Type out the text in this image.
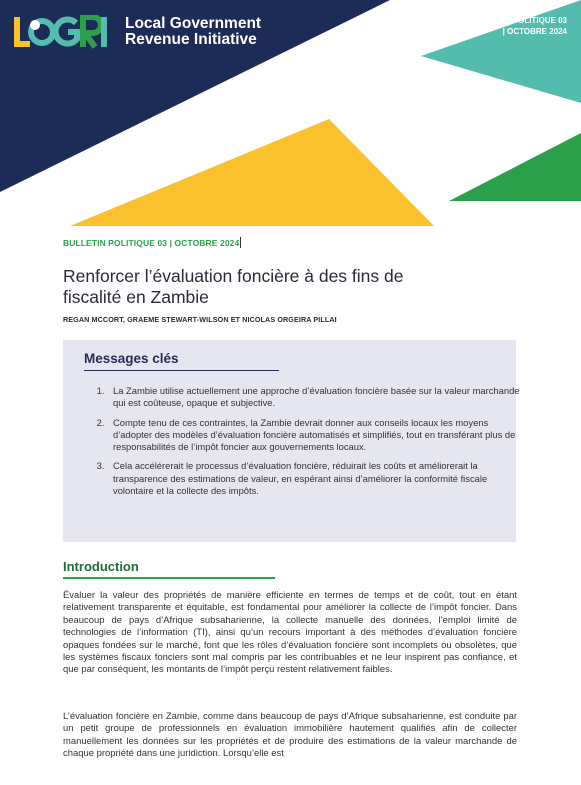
Local Government
Revenue Initiative
BULLETIN POLITIQUE 03
| OCTOBRE 2024
BULLETIN POLITIQUE 03 | OCTOBRE 2024
Renforcer l’évaluation foncière à des fins de fiscalité en Zambie
REGAN MCCORT, GRAEME STEWART-WILSON ET NICOLAS ORGEIRA PILLAI
Messages clés
1. La Zambie utilise actuellement une approche d’évaluation foncière basée sur la valeur marchande qui est coûteuse, opaque et subjective.
2. Compte tenu de ces contraintes, la Zambie devrait donner aux conseils locaux les moyens d’adopter des modèles d’évaluation foncière automatisés et simplifiés, tout en transférant plus de responsabilités de l’impôt foncier aux gouvernements locaux.
3. Cela accélérerait le processus d’évaluation foncière, réduirait les coûts et améliorerait la transparence des estimations de valeur, en espérant ainsi d’améliorer la conformité fiscale volontaire et la collecte des impôts.
Introduction

Évaluer la valeur des propriétés de manière efficiente en termes de temps et de coût, tout en étant relativement transparente et équitable, est fondamental pour améliorer la collecte de l’impôt foncier. Dans beaucoup de pays d’Afrique subsaharienne, la collecte manuelle des données, l’emploi limité de technologies de l’information (TI), ainsi qu’un recours important à des méthodes d’évaluation foncière opaques fondées sur le marché, font que les rôles d’évaluation foncière sont incomplets ou obsolètes, que les systèmes fiscaux fonciers sont mal compris par les contribuables et ne leur inspirent pas confiance, et que par conséquent, les montants de l’impôt perçu restent relativement faibles.

L’évaluation foncière en Zambie, comme dans beaucoup de pays d’Afrique subsaharienne, est conduite par un petit groupe de professionnels en évaluation immobilière hautement qualifiés afin de collecter manuellement les données sur les propriétés et de produire des estimations de la valeur marchande de chaque propriété dans une juridiction. Lorsqu’elle est
